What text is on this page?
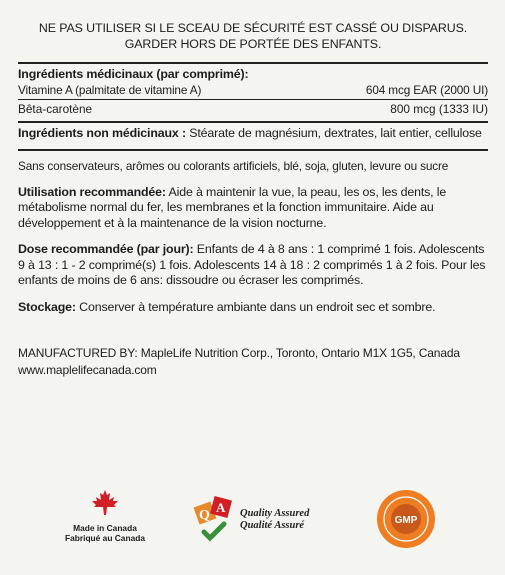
NE PAS UTILISER SI LE SCEAU DE SÉCURITÉ EST CASSÉ OU DISPARUS.
GARDER HORS DE PORTÉE DES ENFANTS.
Ingrédients médicinaux (par comprimé):
Vitamine A (palmitate de vitamine A)	604 mcg EAR (2000 UI)
Bêta-carotène	800 mcg (1333 IU)
Ingrédients non médicinaux : Stéarate de magnésium, dextrates, lait entier, cellulose
Sans conservateurs, arômes ou colorants artificiels, blé, soja, gluten, levure ou sucre
Utilisation recommandée: Aide à maintenir la vue, la peau, les os, les dents, le métabolisme normal du fer, les membranes et la fonction immunitaire. Aide au développement et à la maintenance de la vision nocturne.
Dose recommandée (par jour): Enfants de 4 à 8 ans : 1 comprimé 1 fois. Adolescents 9 à 13 : 1 - 2 comprimé(s) 1 fois. Adolescents 14 à 18 : 2 comprimés 1 à 2 fois. Pour les enfants de moins de 6 ans: dissoudre ou écraser les comprimés.
Stockage: Conserver à température ambiante dans un endroit sec et sombre.
MANUFACTURED BY: MapleLife Nutrition Corp., Toronto, Ontario M1X 1G5, Canada
www.maplelifecanada.com
Made in Canada
Fabriqué au Canada
Q
A Quality Assured
Qualité Assuré	GMP
